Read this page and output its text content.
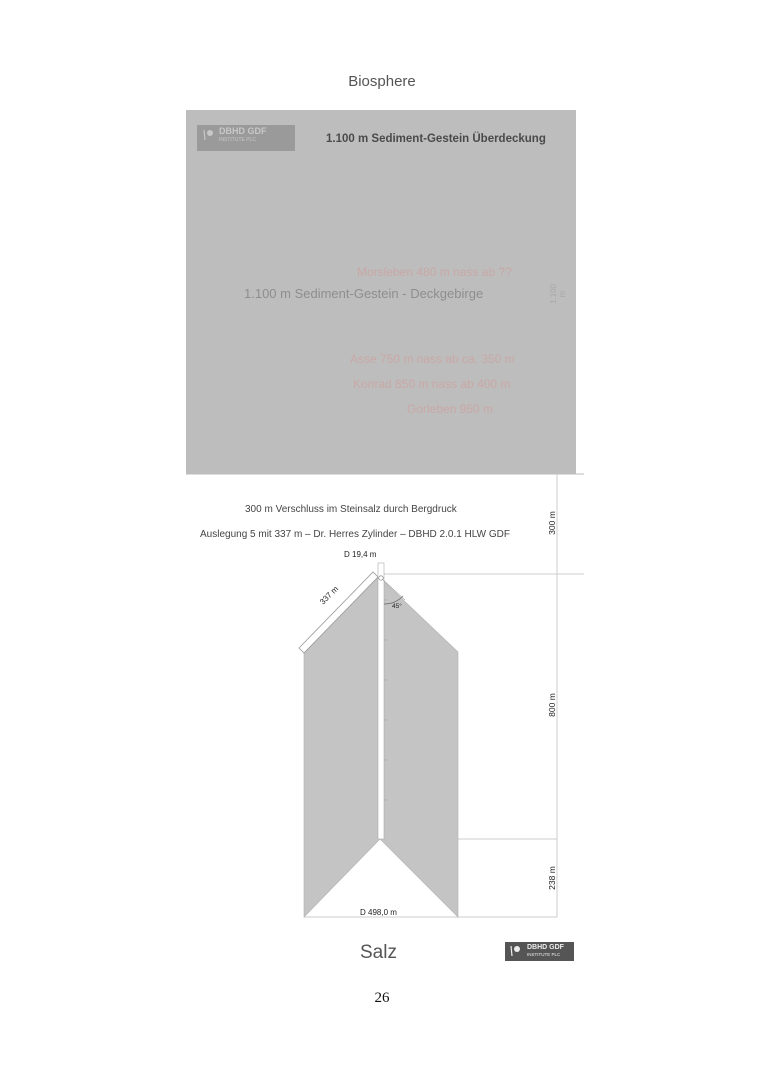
Biosphere
DBHD GDF
INSTITUTE PLC	1.100 m Sediment-Gestein Überdeckung
Morsleben 480 m nass ab ??
1.100 m Sediment-Gestein - Deckgebirge	1.100 m
Asse 750 m nass ab ca. 350 m
Konrad 850 m nass ab 400 m
Gorleben 950 m
300 m Verschluss im Steinsalz durch Bergdruck
Auslegung 5 mit 337 m – Dr. Herres Zylinder – DBHD 2.0.1 HLW GDF
D 19,4 m
337 m
45°
D 498,0 m
300 m
800 m
238 m
Salz	DBHD GDF
INSTITUTE PLC
26
